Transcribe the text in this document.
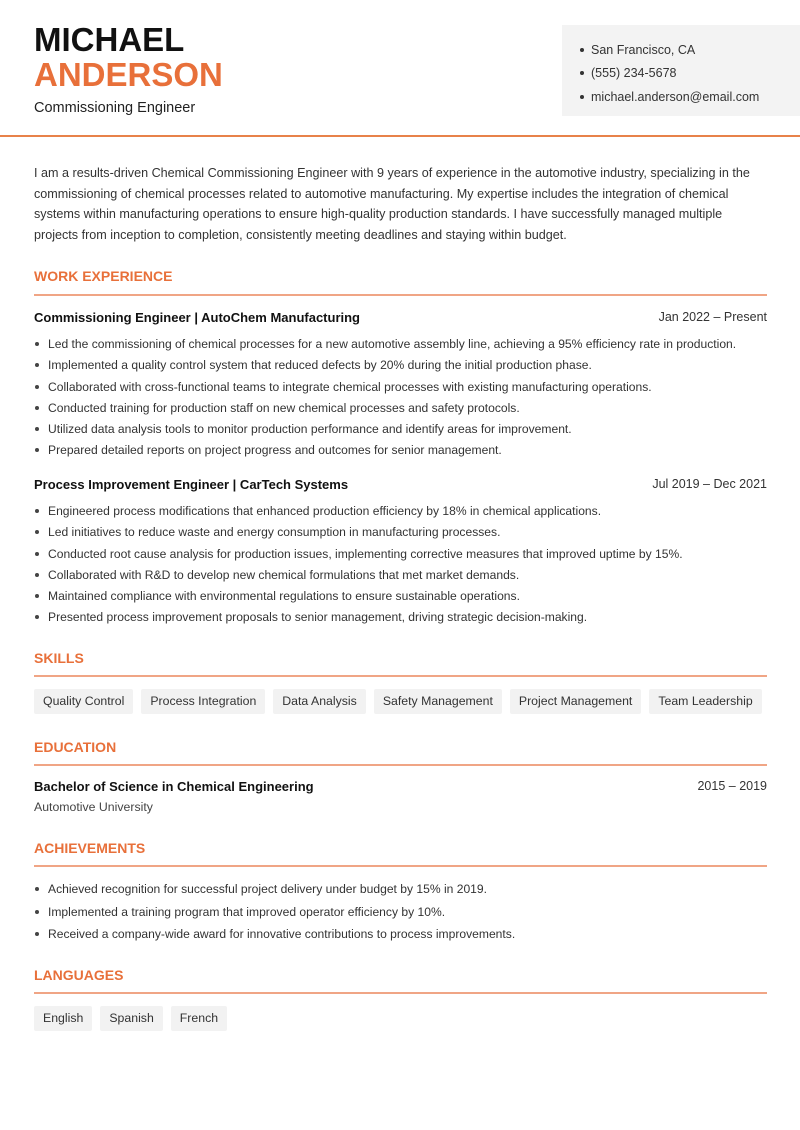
MICHAEL
ANDERSON
Commissioning Engineer
San Francisco, CA
(555) 234-5678
michael.anderson@email.com

I am a results-driven Chemical Commissioning Engineer with 9 years of experience in the automotive industry, specializing in the commissioning of chemical processes related to automotive manufacturing. My expertise includes the integration of chemical systems within manufacturing operations to ensure high-quality production standards. I have successfully managed multiple projects from inception to completion, consistently meeting deadlines and staying within budget.

WORK EXPERIENCE
Commissioning Engineer | AutoChem Manufacturing	Jan 2022 – Present
Led the commissioning of chemical processes for a new automotive assembly line, achieving a 95% efficiency rate in production.
Implemented a quality control system that reduced defects by 20% during the initial production phase.
Collaborated with cross-functional teams to integrate chemical processes with existing manufacturing operations.
Conducted training for production staff on new chemical processes and safety protocols.
Utilized data analysis tools to monitor production performance and identify areas for improvement.
Prepared detailed reports on project progress and outcomes for senior management.
Process Improvement Engineer | CarTech Systems	Jul 2019 – Dec 2021
Engineered process modifications that enhanced production efficiency by 18% in chemical applications.
Led initiatives to reduce waste and energy consumption in manufacturing processes.
Conducted root cause analysis for production issues, implementing corrective measures that improved uptime by 15%.
Collaborated with R&D to develop new chemical formulations that met market demands.
Maintained compliance with environmental regulations to ensure sustainable operations.
Presented process improvement proposals to senior management, driving strategic decision-making.
SKILLS
Quality Control	Process Integration	Data Analysis	Safety Management	Project Management	Team Leadership
EDUCATION
Bachelor of Science in Chemical Engineering	2015 – 2019
Automotive University
ACHIEVEMENTS
Achieved recognition for successful project delivery under budget by 15% in 2019.
Implemented a training program that improved operator efficiency by 10%.
Received a company-wide award for innovative contributions to process improvements.
LANGUAGES
English	Spanish	French
